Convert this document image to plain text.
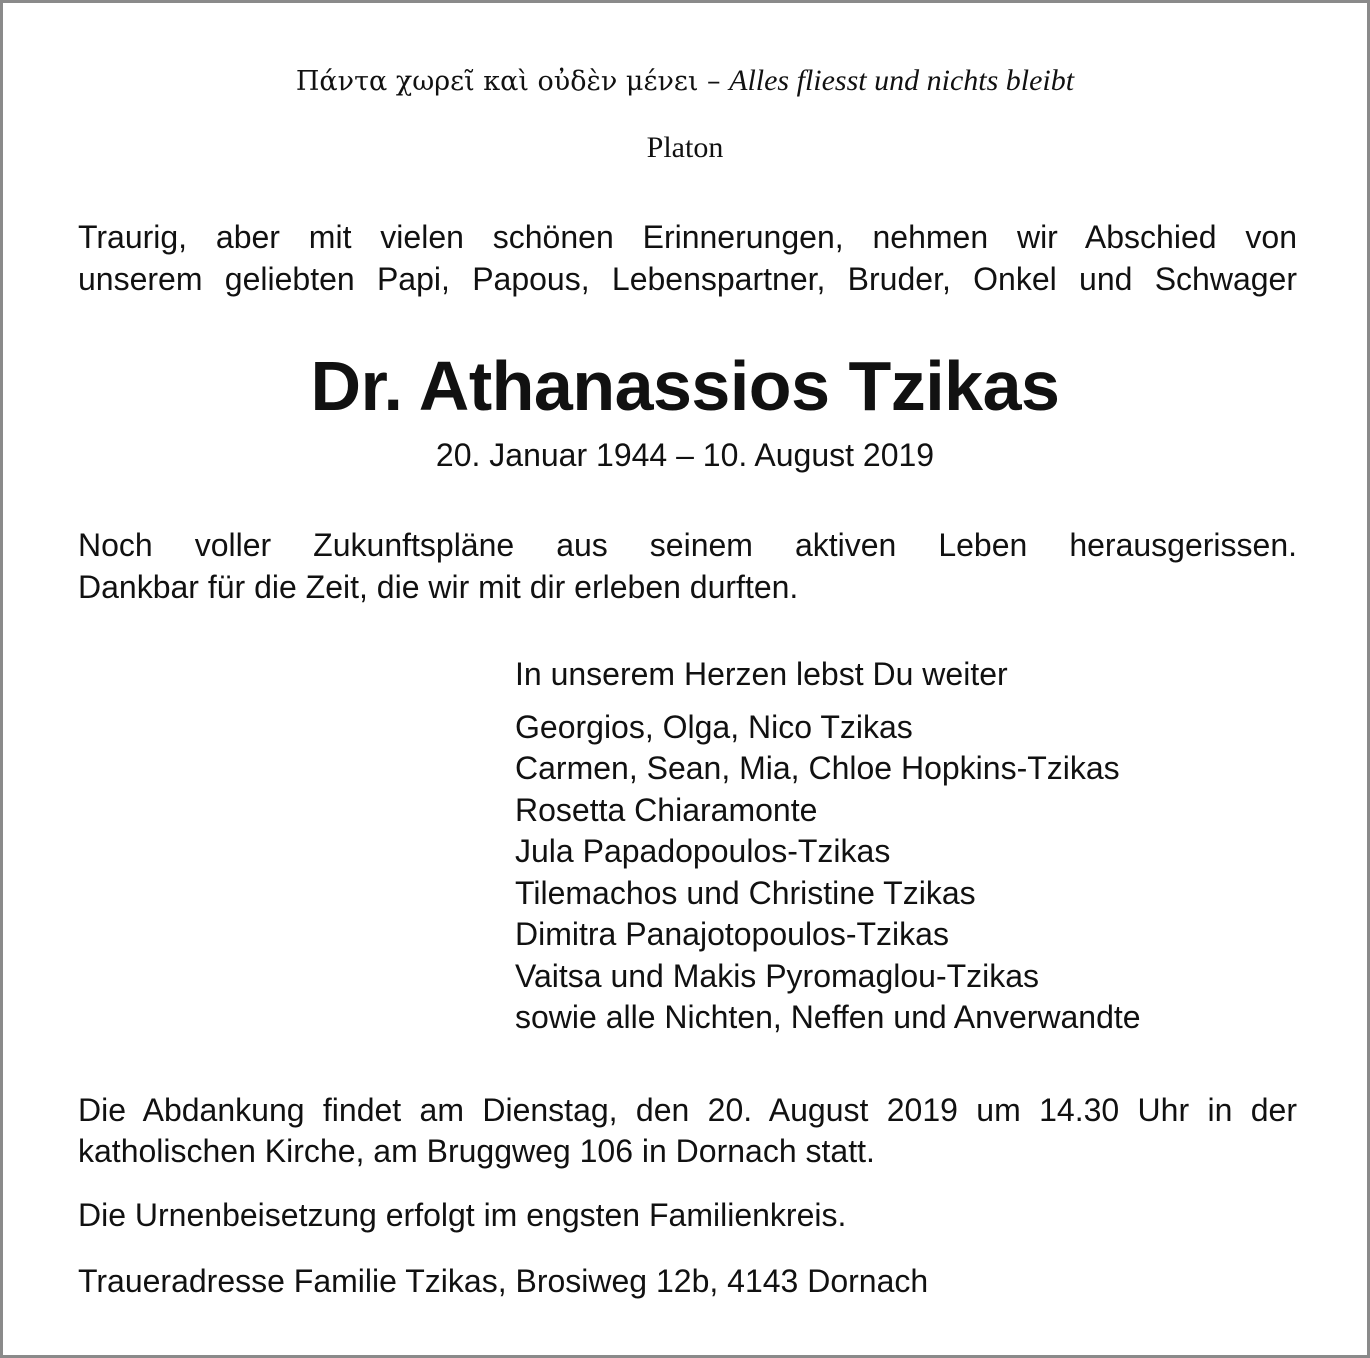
Πάντα χωρεῖ καὶ οὐδὲν μένει – Alles fliesst und nichts bleibt
Platon
Traurig, aber mit vielen schönen Erinnerungen, nehmen wir Abschied von
unserem geliebten Papi, Papous, Lebenspartner, Bruder, Onkel und Schwager
Dr. Athanassios Tzikas
20. Januar 1944 – 10. August 2019
Noch voller Zukunftspläne aus seinem aktiven Leben herausgerissen.
Dankbar für die Zeit, die wir mit dir erleben durften.
In unserem Herzen lebst Du weiter
Georgios, Olga, Nico Tzikas
Carmen, Sean, Mia, Chloe Hopkins-Tzikas
Rosetta Chiaramonte
Jula Papadopoulos-Tzikas
Tilemachos und Christine Tzikas
Dimitra Panajotopoulos-Tzikas
Vaitsa und Makis Pyromaglou-Tzikas
sowie alle Nichten, Neffen und Anverwandte
Die Abdankung findet am Dienstag, den 20. August 2019 um 14.30 Uhr in der
katholischen Kirche, am Bruggweg 106 in Dornach statt.
Die Urnenbeisetzung erfolgt im engsten Familienkreis.
Traueradresse Familie Tzikas, Brosiweg 12b, 4143 Dornach
